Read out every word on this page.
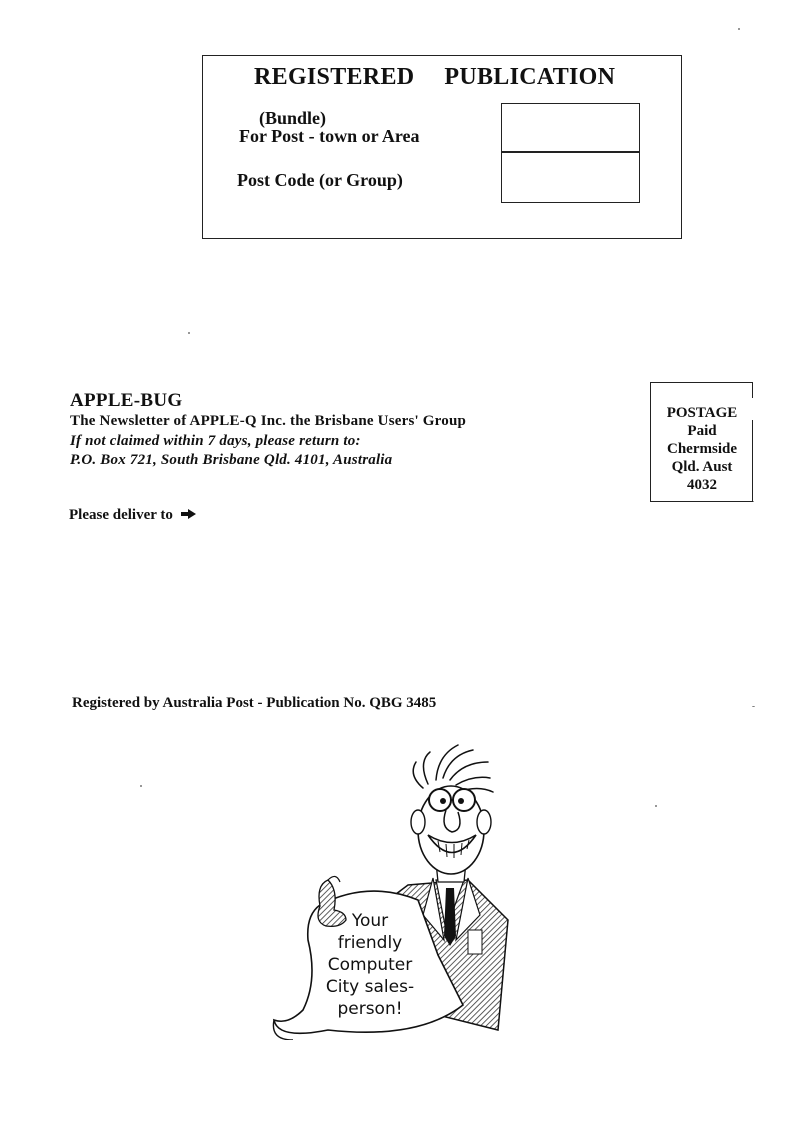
REGISTERED PUBLICATION
(Bundle)
For Post - town or Area
Post Code (or Group)
APPLE-BUG
The Newsletter of APPLE-Q Inc. the Brisbane Users' Group
If not claimed within 7 days, please return to:
P.O. Box 721, South Brisbane Qld. 4101, Australia
POSTAGE
Paid
Chermside
Qld. Aust
4032
Please deliver to
Registered by Australia Post - Publication No. QBG 3485
Your
friendly
Computer
City sales-
person!
